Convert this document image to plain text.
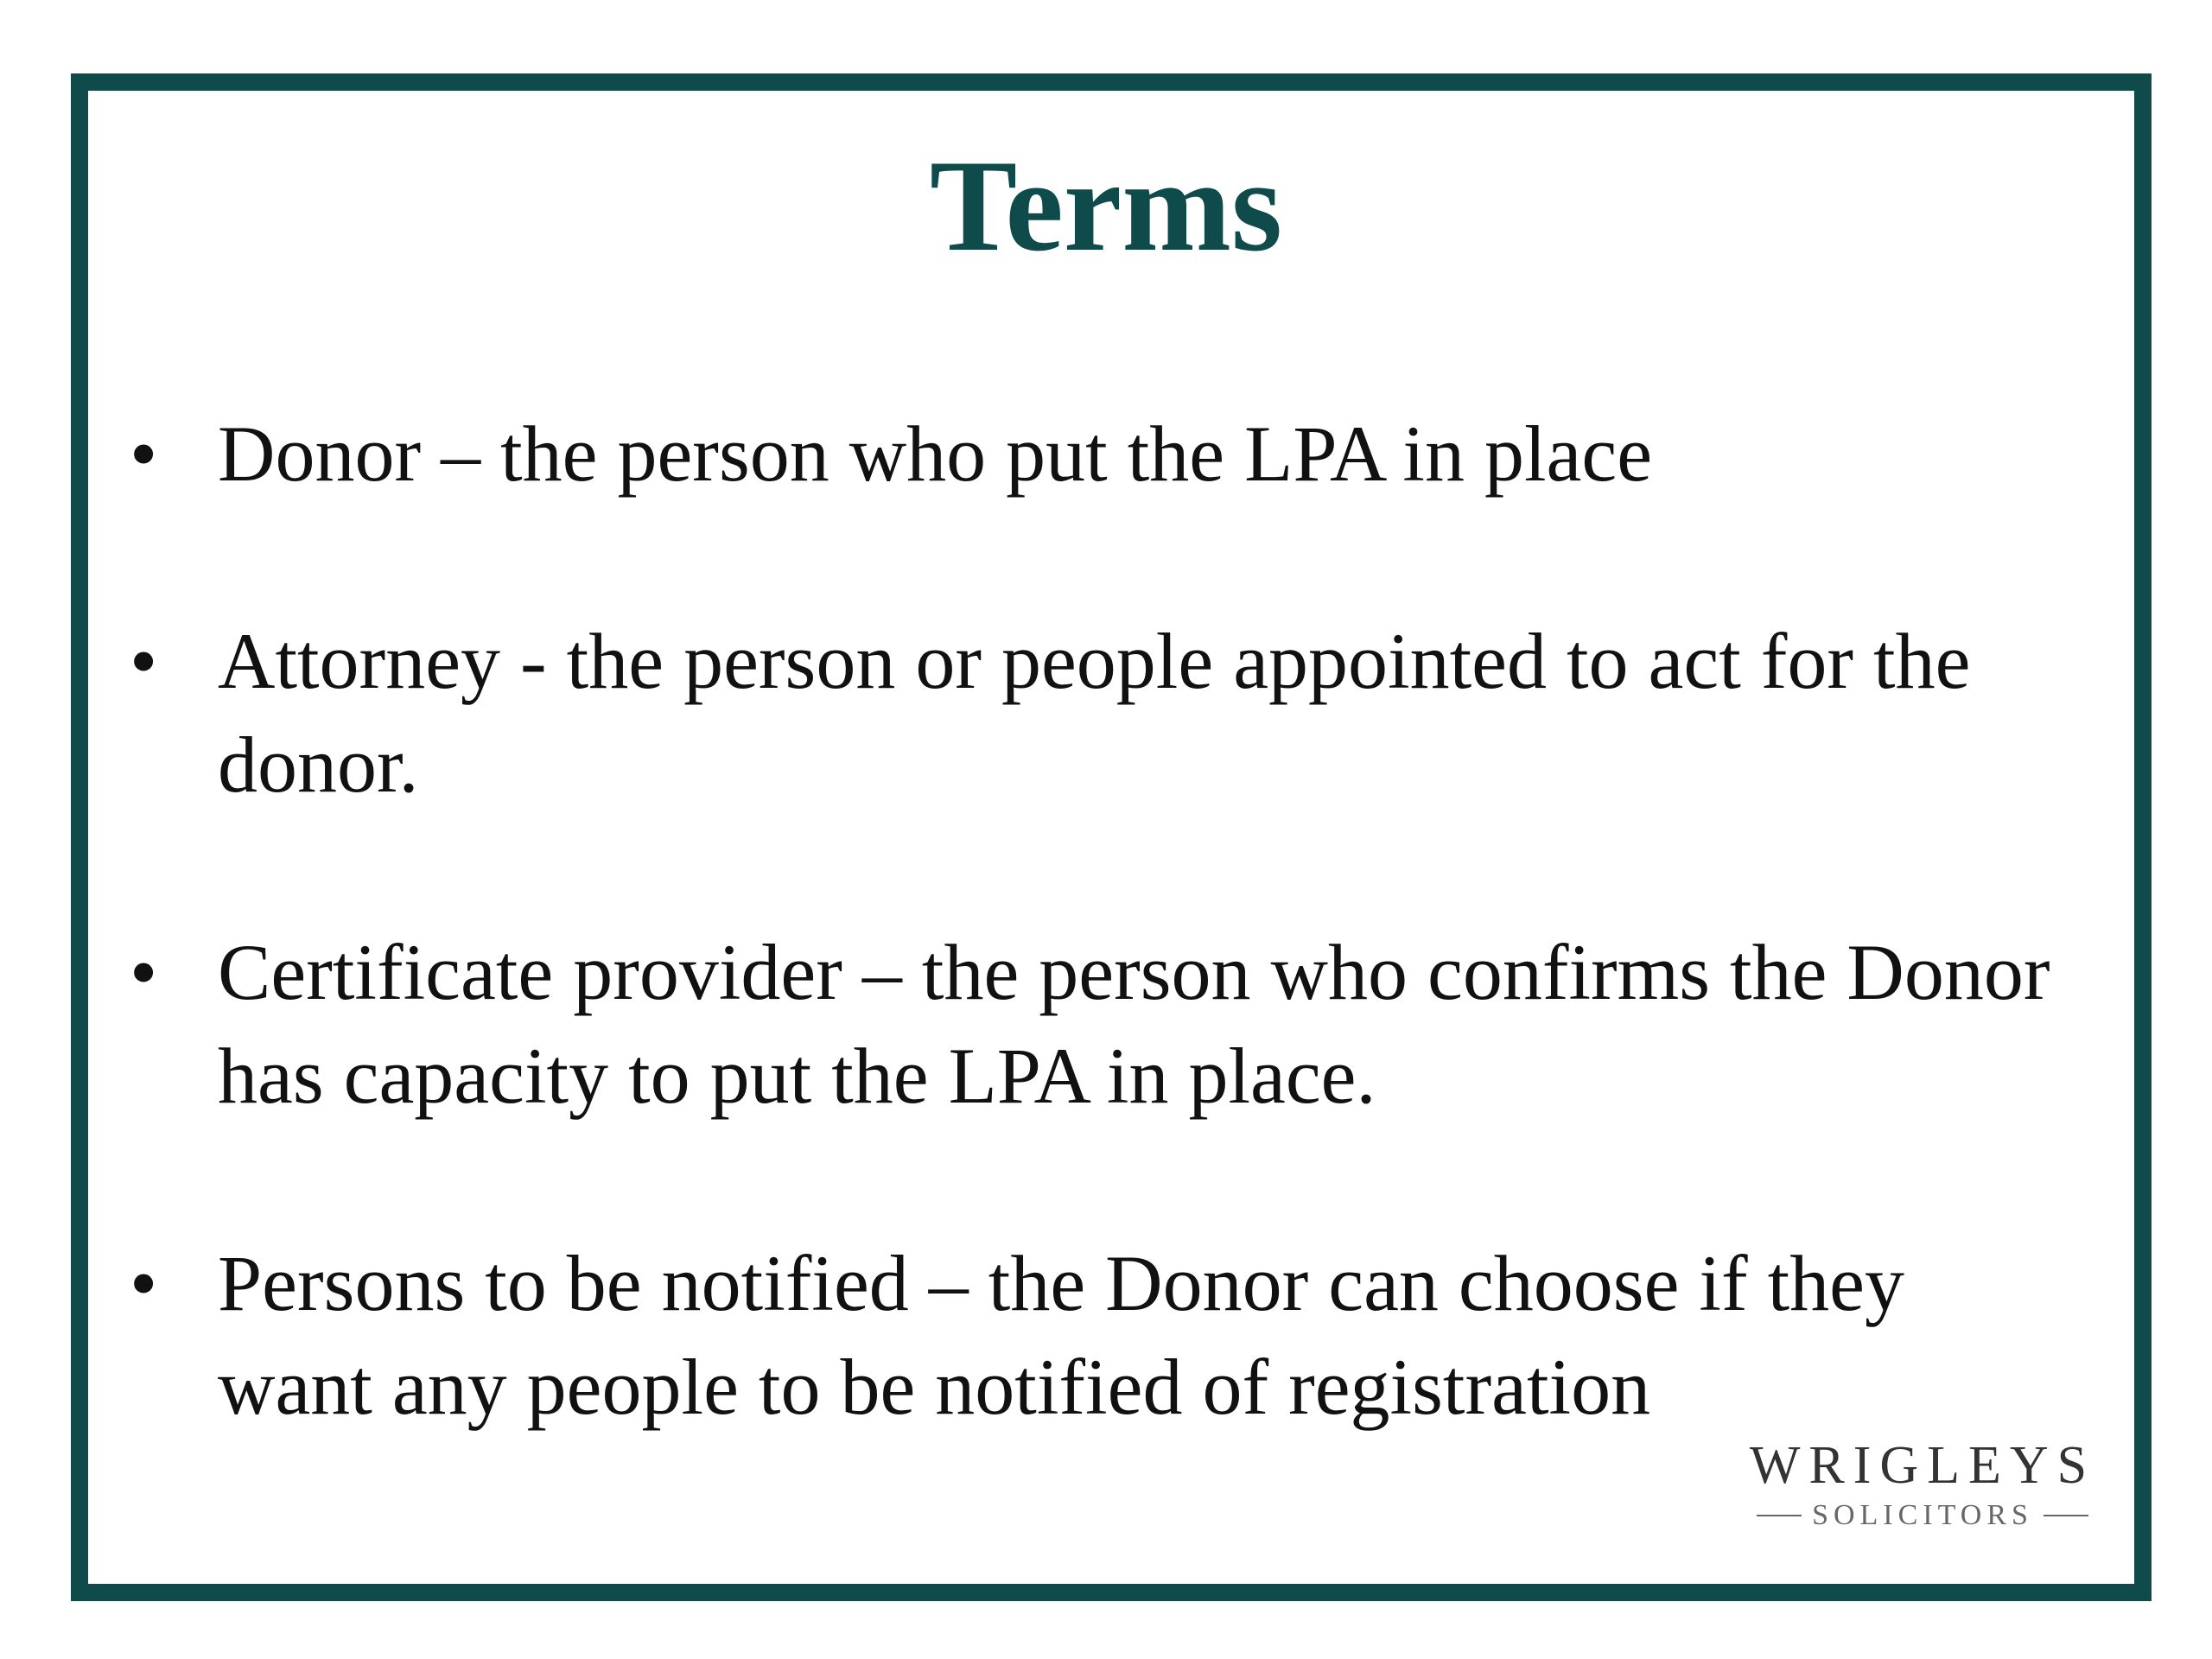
Terms
• Donor – the person who put the LPA in place
• Attorney - the person or people appointed to act for the donor.
• Certificate provider – the person who confirms the Donor has capacity to put the LPA in place.
• Persons to be notified – the Donor can choose if they want any people to be notified of registration
WRIGLEYS
SOLICITORS
